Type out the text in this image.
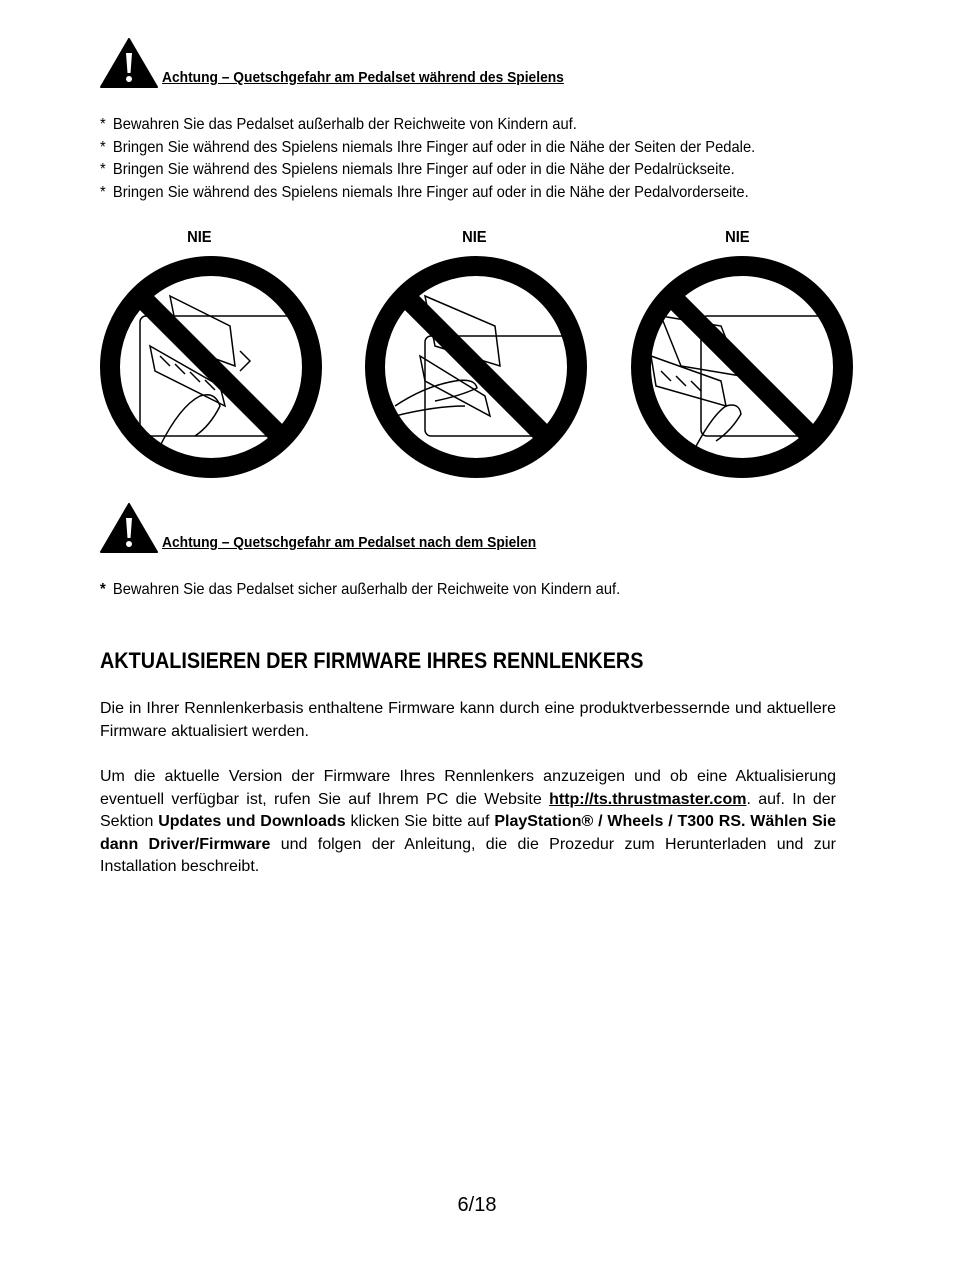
Achtung – Quetschgefahr am Pedalset während des Spielens
* Bewahren Sie das Pedalset außerhalb der Reichweite von Kindern auf.
* Bringen Sie während des Spielens niemals Ihre Finger auf oder in die Nähe der Seiten der Pedale.
* Bringen Sie während des Spielens niemals Ihre Finger auf oder in die Nähe der Pedalrückseite.
* Bringen Sie während des Spielens niemals Ihre Finger auf oder in die Nähe der Pedalvorderseite.
NIE	NIE	NIE
Achtung – Quetschgefahr am Pedalset nach dem Spielen
* Bewahren Sie das Pedalset sicher außerhalb der Reichweite von Kindern auf.
AKTUALISIEREN DER FIRMWARE IHRES RENNLENKERS

Die in Ihrer Rennlenkerbasis enthaltene Firmware kann durch eine produktverbessernde und aktuellere Firmware aktualisiert werden.

Um die aktuelle Version der Firmware Ihres Rennlenkers anzuzeigen und ob eine Aktualisierung eventuell verfügbar ist, rufen Sie auf Ihrem PC die Website http://ts.thrustmaster.com. auf. In der Sektion Updates und Downloads klicken Sie bitte auf PlayStation® / Wheels / T300 RS. Wählen Sie dann Driver/Firmware und folgen der Anleitung, die die Prozedur zum Herunterladen und zur Installation beschreibt.

6/18
